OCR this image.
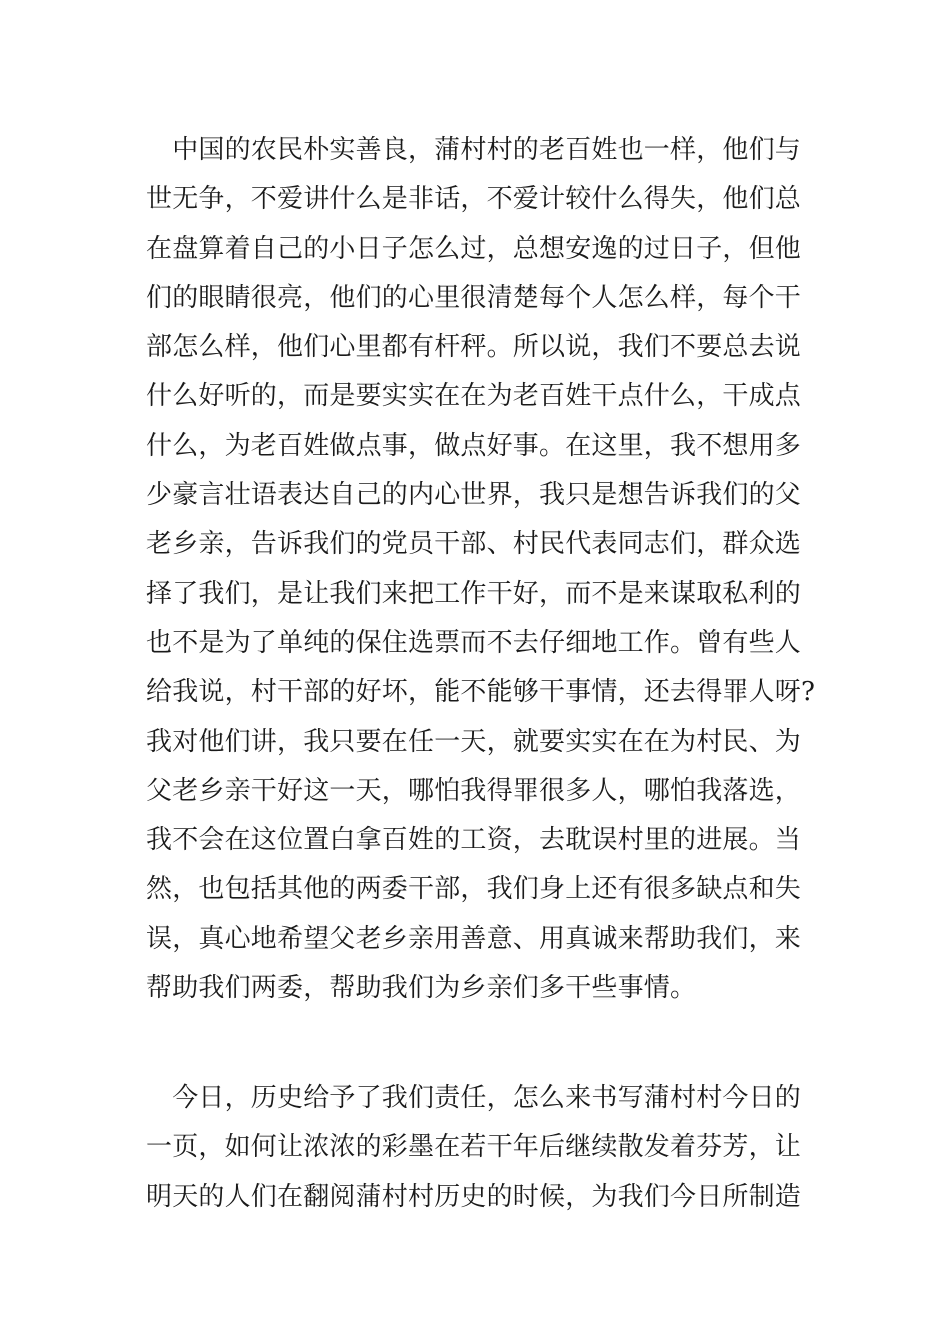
　中国的农民朴实善良，蒲村村的老百姓也一样，他们与
世无争，不爱讲什么是非话，不爱计较什么得失，他们总
在盘算着自己的小日子怎么过，总想安逸的过日子，但他
们的眼睛很亮，他们的心里很清楚每个人怎么样，每个干
部怎么样，他们心里都有杆秤。所以说，我们不要总去说
什么好听的，而是要实实在在为老百姓干点什么，干成点
什么，为老百姓做点事，做点好事。在这里，我不想用多
少豪言壮语表达自己的内心世界，我只是想告诉我们的父
老乡亲，告诉我们的党员干部、村民代表同志们，群众选
择了我们，是让我们来把工作干好，而不是来谋取私利的
也不是为了单纯的保住选票而不去仔细地工作。曾有些人
给我说，村干部的好坏，能不能够干事情，还去得罪人呀?
我对他们讲，我只要在任一天，就要实实在在为村民、为
父老乡亲干好这一天，哪怕我得罪很多人，哪怕我落选，
我不会在这位置白拿百姓的工资，去耽误村里的进展。当
然，也包括其他的两委干部，我们身上还有很多缺点和失
误，真心地希望父老乡亲用善意、用真诚来帮助我们，来
帮助我们两委，帮助我们为乡亲们多干些事情。
　今日，历史给予了我们责任，怎么来书写蒲村村今日的
一页，如何让浓浓的彩墨在若干年后继续散发着芬芳，让
明天的人们在翻阅蒲村村历史的时候，为我们今日所制造
